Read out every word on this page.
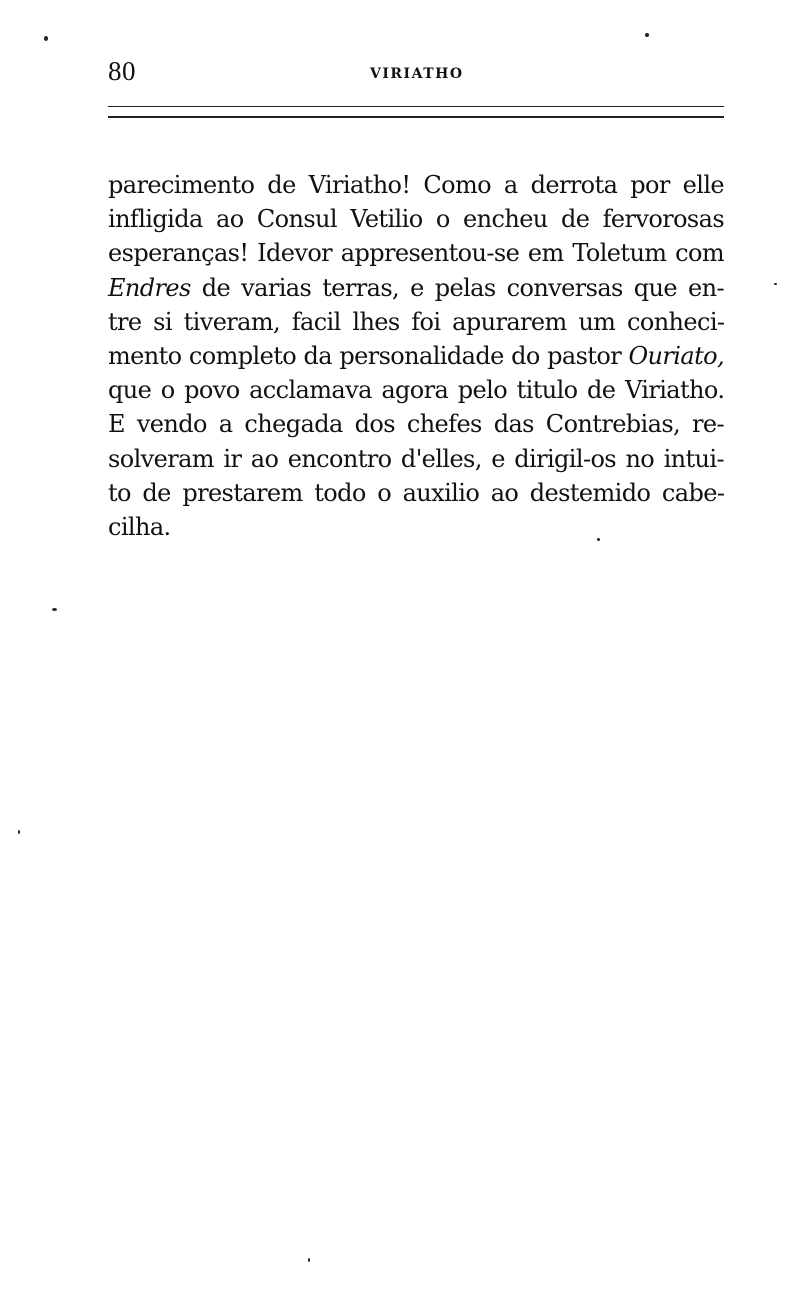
80	VIRIATHO
parecimento de Viriatho! Como a derrota por elle
infligida ao Consul Vetilio o encheu de fervorosas
esperanças! Idevor appresentou-se em Toletum com
Endres de varias terras, e pelas conversas que en-
tre si tiveram, facil lhes foi apurarem um conheci-
mento completo da personalidade do pastor Ouriato,
que o povo acclamava agora pelo titulo de Viriatho.
E vendo a chegada dos chefes das Contrebias, re-
solveram ir ao encontro d'elles, e dirigil-os no intui-
to de prestarem todo o auxilio ao destemido cabe-
cilha.
